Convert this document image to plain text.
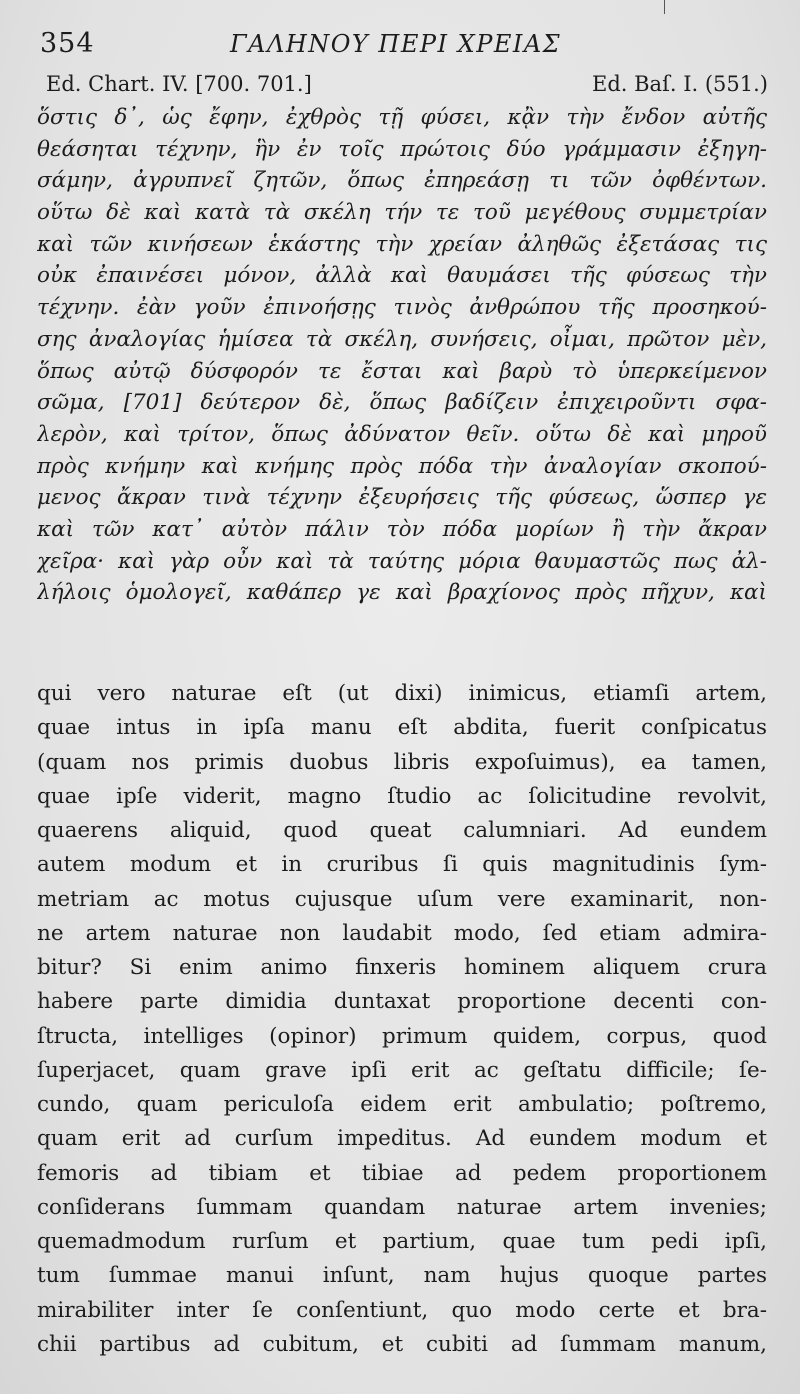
354	ΓΑΛΗΝΟΥ ΠΕΡΙ ΧΡΕΙΑΣ
Ed. Chart. IV. [700. 701.]	Ed. Baſ. I. (551.)
ὅστις δ᾽, ὡς ἔφην, ἐχθρὸς τῇ φύσει, κᾂν τὴν ἔνδον αὐτῆς
θεάσηται τέχνην, ἣν ἐν τοῖς πρώτοις δύο γράμμασιν ἐξηγη-
σάμην, ἀγρυπνεῖ ζητῶν, ὅπως ἐπηρεάσῃ τι τῶν ὀφθέντων.
οὕτω δὲ καὶ κατὰ τὰ σκέλη τήν τε τοῦ μεγέθους συμμετρίαν
καὶ τῶν κινήσεων ἑκάστης τὴν χρείαν ἀληθῶς ἐξετάσας τις
οὐκ ἐπαινέσει μόνον, ἀλλὰ καὶ θαυμάσει τῆς φύσεως τὴν
τέχνην. ἐὰν γοῦν ἐπινοήσῃς τινὸς ἀνθρώπου τῆς προσηκού-
σης ἀναλογίας ἡμίσεα τὰ σκέλη, συνήσεις, οἶμαι, πρῶτον μὲν,
ὅπως αὐτῷ δύσφορόν τε ἔσται καὶ βαρὺ τὸ ὑπερκείμενον
σῶμα, [701] δεύτερον δὲ, ὅπως βαδίζειν ἐπιχειροῦντι σφα-
λερὸν, καὶ τρίτον, ὅπως ἀδύνατον θεῖν. οὕτω δὲ καὶ μηροῦ
πρὸς κνήμην καὶ κνήμης πρὸς πόδα τὴν ἀναλογίαν σκοπού-
μενος ἄκραν τινὰ τέχνην ἐξευρήσεις τῆς φύσεως, ὥσπερ γε
καὶ τῶν κατ᾽ αὐτὸν πάλιν τὸν πόδα μορίων ἢ τὴν ἄκραν
χεῖρα· καὶ γὰρ οὖν καὶ τὰ ταύτης μόρια θαυμαστῶς πως ἀλ-
λήλοις ὁμολογεῖ, καθάπερ γε καὶ βραχίονος πρὸς πῆχυν, καὶ
qui vero naturae eſt (ut dixi) inimicus, etiamſi artem,
quae intus in ipſa manu eſt abdita, fuerit conſpicatus
(quam nos primis duobus libris expoſuimus), ea tamen,
quae ipſe viderit, magno ſtudio ac ſolicitudine revolvit,
quaerens aliquid, quod queat calumniari. Ad eundem
autem modum et in cruribus ſi quis magnitudinis ſym-
metriam ac motus cujusque uſum vere examinarit, non-
ne artem naturae non laudabit modo, ſed etiam admira-
bitur? Si enim animo finxeris hominem aliquem crura
habere parte dimidia duntaxat proportione decenti con-
ſtructa, intelliges (opinor) primum quidem, corpus, quod
ſuperjacet, quam grave ipſi erit ac geſtatu difficile; ſe-
cundo, quam periculoſa eidem erit ambulatio; poſtremo,
quam erit ad curſum impeditus. Ad eundem modum et
femoris ad tibiam et tibiae ad pedem proportionem
conſiderans ſummam quandam naturae artem invenies;
quemadmodum rurſum et partium, quae tum pedi ipſi,
tum ſummae manui inſunt, nam hujus quoque partes
mirabiliter inter ſe conſentiunt, quo modo certe et bra-
chii partibus ad cubitum, et cubiti ad ſummam manum,
